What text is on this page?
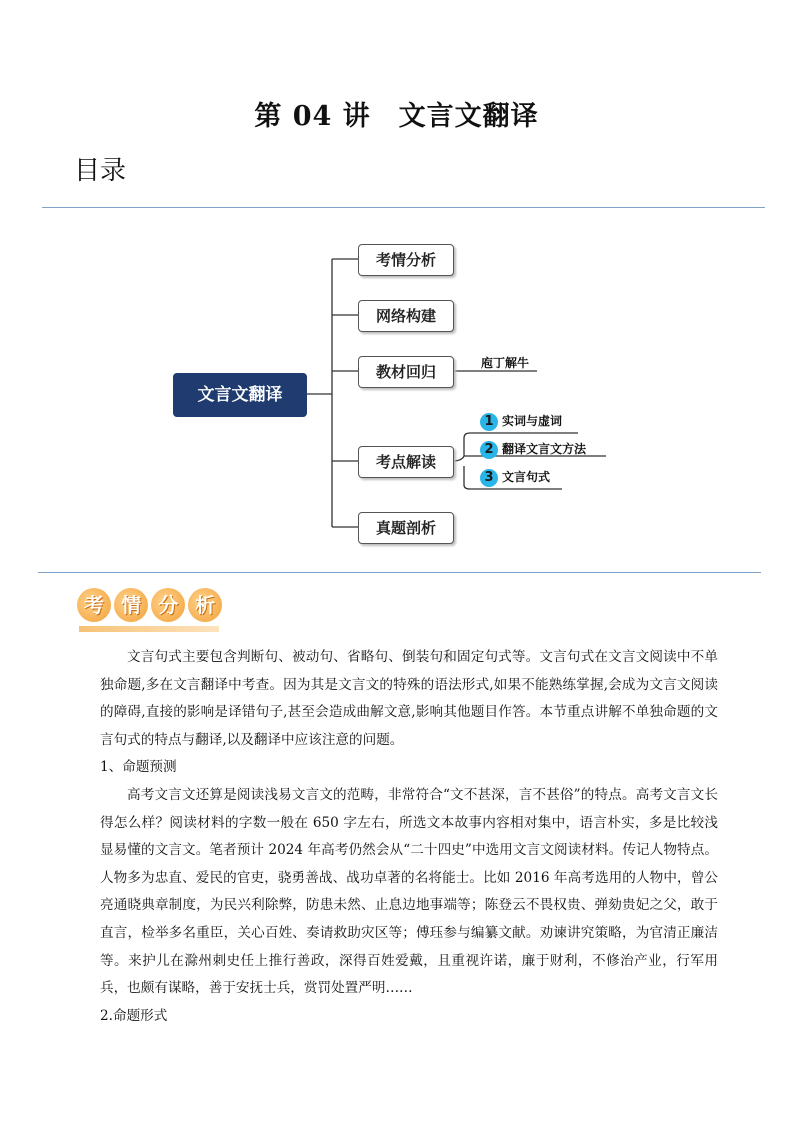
第 04 讲　文言文翻译
目录
文言文翻译
考情分析
网络构建
教材回归
考点解读
真题剖析
庖丁解牛
1 实词与虚词
2 翻译文言文方法
3 文言句式
考 情 分 析

文言句式主要包含判断句、被动句、省略句、倒装句和固定句式等。文言句式在文言文阅读中不单独命题,多在文言翻译中考查。因为其是文言文的特殊的语法形式,如果不能熟练掌握,会成为文言文阅读的障碍,直接的影响是译错句子,甚至会造成曲解文意,影响其他题目作答。本节重点讲解不单独命题的文言句式的特点与翻译,以及翻译中应该注意的问题。

1、命题预测

高考文言文还算是阅读浅易文言文的范畴，非常符合“文不甚深，言不甚俗”的特点。高考文言文长得怎么样？阅读材料的字数一般在 650 字左右，所选文本故事内容相对集中，语言朴实，多是比较浅显易懂的文言文。笔者预计 2024 年高考仍然会从“二十四史”中选用文言文阅读材料。传记人物特点。人物多为忠直、爱民的官吏，骁勇善战、战功卓著的名将能士。比如 2016 年高考选用的人物中，曾公亮通晓典章制度，为民兴利除弊，防患未然、止息边地事端等；陈登云不畏权贵、弹劾贵妃之父，敢于直言，检举多名重臣，关心百姓、奏请救助灾区等；傅珏参与编纂文献。劝谏讲究策略，为官清正廉洁等。来护儿在滁州刺史任上推行善政，深得百姓爱戴，且重视许诺，廉于财利，不修治产业，行军用兵，也颇有谋略，善于安抚士兵，赏罚处置严明……

2.命题形式
